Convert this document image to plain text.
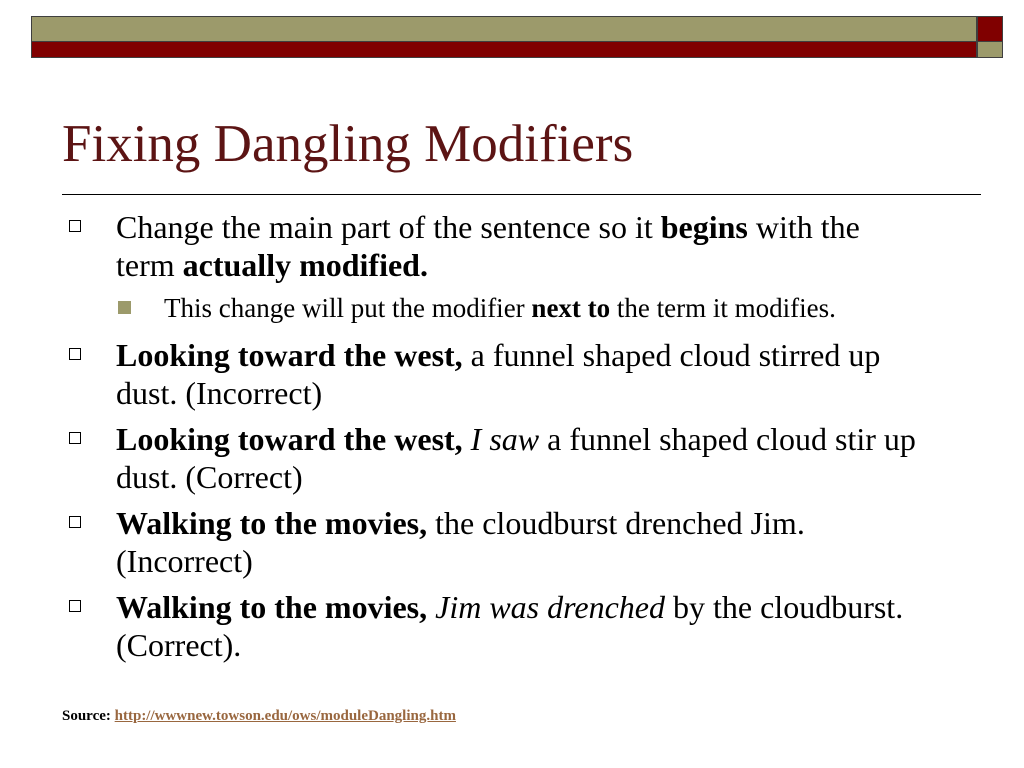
Fixing Dangling Modifiers
Change the main part of the sentence so it begins with the term actually modified.
This change will put the modifier next to the term it modifies.
Looking toward the west, a funnel shaped cloud stirred up dust. (Incorrect)
Looking toward the west, I saw a funnel shaped cloud stir up dust. (Correct)
Walking to the movies, the cloudburst drenched Jim. (Incorrect)
Walking to the movies, Jim was drenched by the cloudburst. (Correct).
Source: http://wwwnew.towson.edu/ows/moduleDangling.htm
